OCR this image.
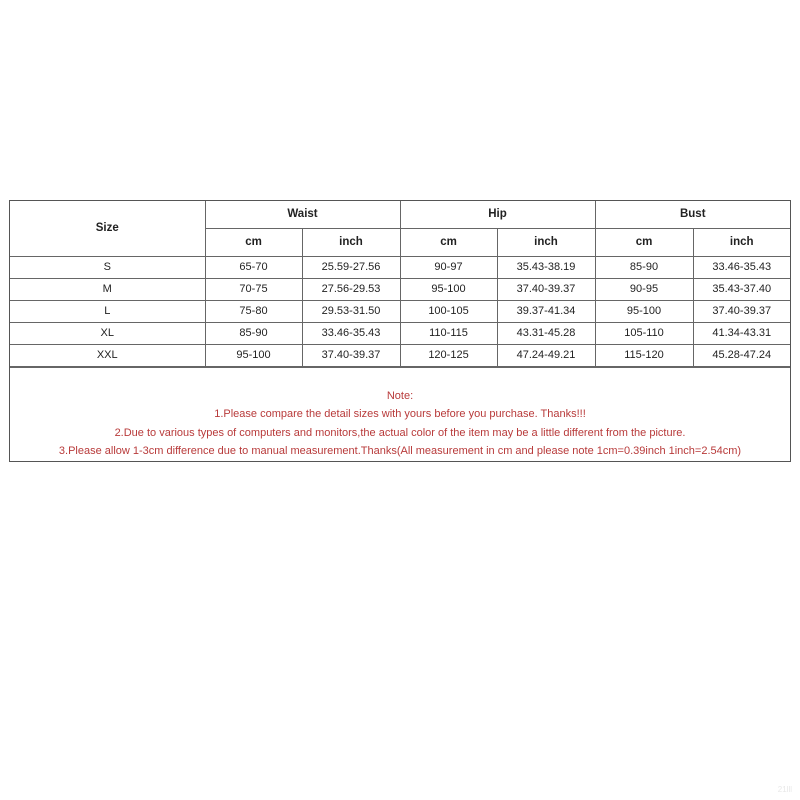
Size	Waist		Hip		Bust	
	cm	inch	cm	inch	cm	inch
S	65-70	25.59-27.56	90-97	35.43-38.19	85-90	33.46-35.43
M	70-75	27.56-29.53	95-100	37.40-39.37	90-95	35.43-37.40
L	75-80	29.53-31.50	100-105	39.37-41.34	95-100	37.40-39.37
XL	85-90	33.46-35.43	110-115	43.31-45.28	105-110	41.34-43.31
XXL	95-100	37.40-39.37	120-125	47.24-49.21	115-120	45.28-47.24
Note:
1.Please compare the detail sizes with yours before you purchase. Thanks!!!
2.Due to various types of computers and monitors,the actual color of the item may be a little different from the picture.
3.Please allow 1-3cm difference due to manual measurement.Thanks(All measurement in cm and please note 1cm=0.39inch 1inch=2.54cm)
21lll
